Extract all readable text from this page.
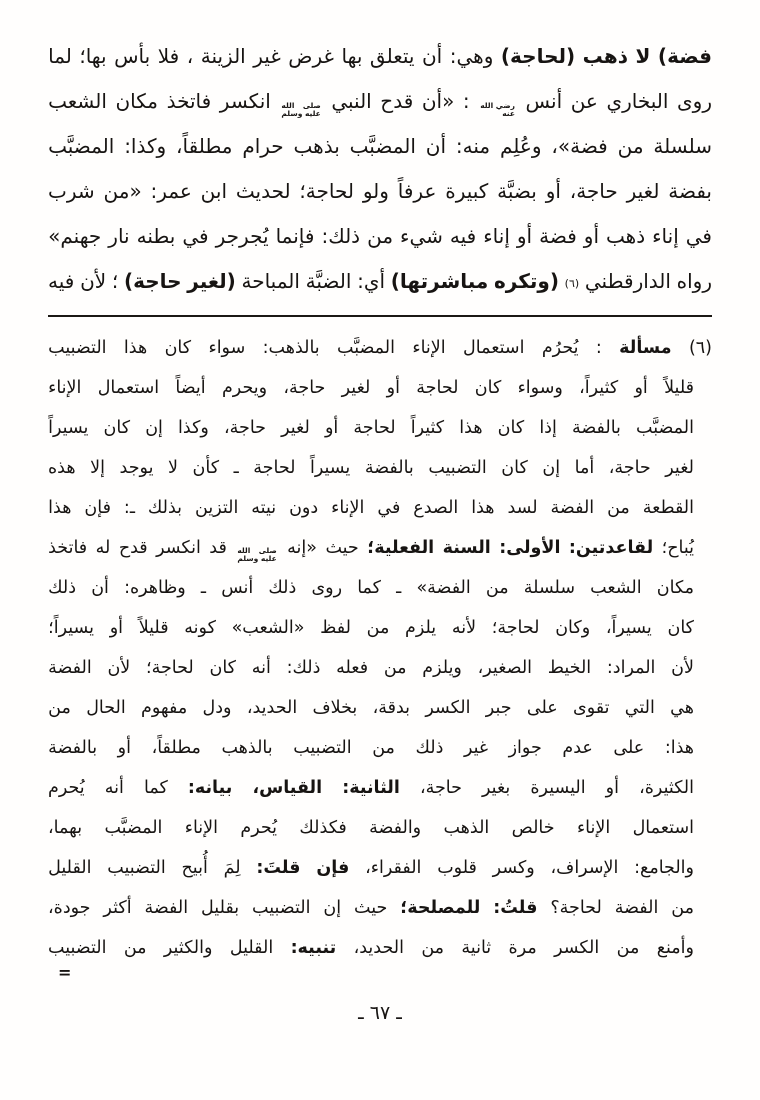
فضة)
لا
ذهب
(لحاجة)
وهي:
أن
يتعلق
بها
غرض
غير
الزينة
،
فلا
بأس
بها؛
لما
روى
البخاري
عن
أنس
رضي الله
عنه
:
«أن
قدح
النبي
صلى الله
عليه وسلم
انكسر
فاتخذ
مكان
الشعب
سلسلة
من
فضة»،
وعُلِم
منه:
أن
المضبَّب
بذهب
حرام
مطلقاً،
وكذا:
المضبَّب
بفضة
لغير
حاجة،
أو
بضبَّة
كبيرة
عرفاً
ولو
لحاجة؛
لحديث
ابن
عمر:
«من
شرب
في
إناء
ذهب
أو
فضة
أو
إناء
فيه
شيء
من
ذلك:
فإنما
يُجرجر
في
بطنه
نار
جهنم»
رواه
الدارقطني
(٦)
(وتكره
مباشرتها)
أي:
الضبَّة
المباحة
(لغير
حاجة)
؛
لأن
فيه
(٦)
مسألة
:
يُحرُم
استعمال
الإناء
المضبَّب
بالذهب:
سواء
كان
هذا
التضبيب
قليلاً
أو
كثيراً،
وسواء
كان
لحاجة
أو
لغير
حاجة،
ويحرم
أيضاً
استعمال
الإناء
المضبَّب
بالفضة
إذا
كان
هذا
كثيراً
لحاجة
أو
لغير
حاجة،
وكذا
إن
كان
يسيراً
لغير
حاجة،
أما
إن
كان
التضبيب
بالفضة
يسيراً
لحاجة
ـ
كأن
لا
يوجد
إلا
هذه
القطعة
من
الفضة
لسد
هذا
الصدع
في
الإناء
دون
نيته
التزين
بذلك
ـ:
فإن
هذا
يُباح؛
لقاعدتين:
الأولى:
السنة
الفعلية؛
حيث
«إنه
صلى الله
عليه وسلم
قد
انكسر
قدح
له
فاتخذ
مكان
الشعب
سلسلة
من
الفضة»
ـ
كما
روى
ذلك
أنس
ـ
وظاهره:
أن
ذلك
كان
يسيراً،
وكان
لحاجة؛
لأنه
يلزم
من
لفظ
«الشعب»
كونه
قليلاً
أو
يسيراً؛
لأن
المراد:
الخيط
الصغير،
ويلزم
من
فعله
ذلك:
أنه
كان
لحاجة؛
لأن
الفضة
هي
التي
تقوى
على
جبر
الكسر
بدقة،
بخلاف
الحديد،
ودل
مفهوم
الحال
من
هذا:
على
عدم
جواز
غير
ذلك
من
التضبيب
بالذهب
مطلقاً،
أو
بالفضة
الكثيرة،
أو
اليسيرة
بغير
حاجة،
الثانية:
القياس،
بيانه:
كما
أنه
يُحرم
استعمال
الإناء
خالص
الذهب
والفضة
فكذلك
يُحرم
الإناء
المضبَّب
بهما،
والجامع:
الإسراف،
وكسر
قلوب
الفقراء،
فإن
قلتَ:
لِمَ
أُبيح
التضبيب
القليل
من
الفضة
لحاجة؟
قلتُ:
للمصلحة؛
حيث
إن
التضبيب
بقليل
الفضة
أكثر
جودة،
وأمنع
من
الكسر
مرة
ثانية
من
الحديد،
تنبيه:
القليل
والكثير
من
التضبيب
=
ـ ٦٧ ـ
